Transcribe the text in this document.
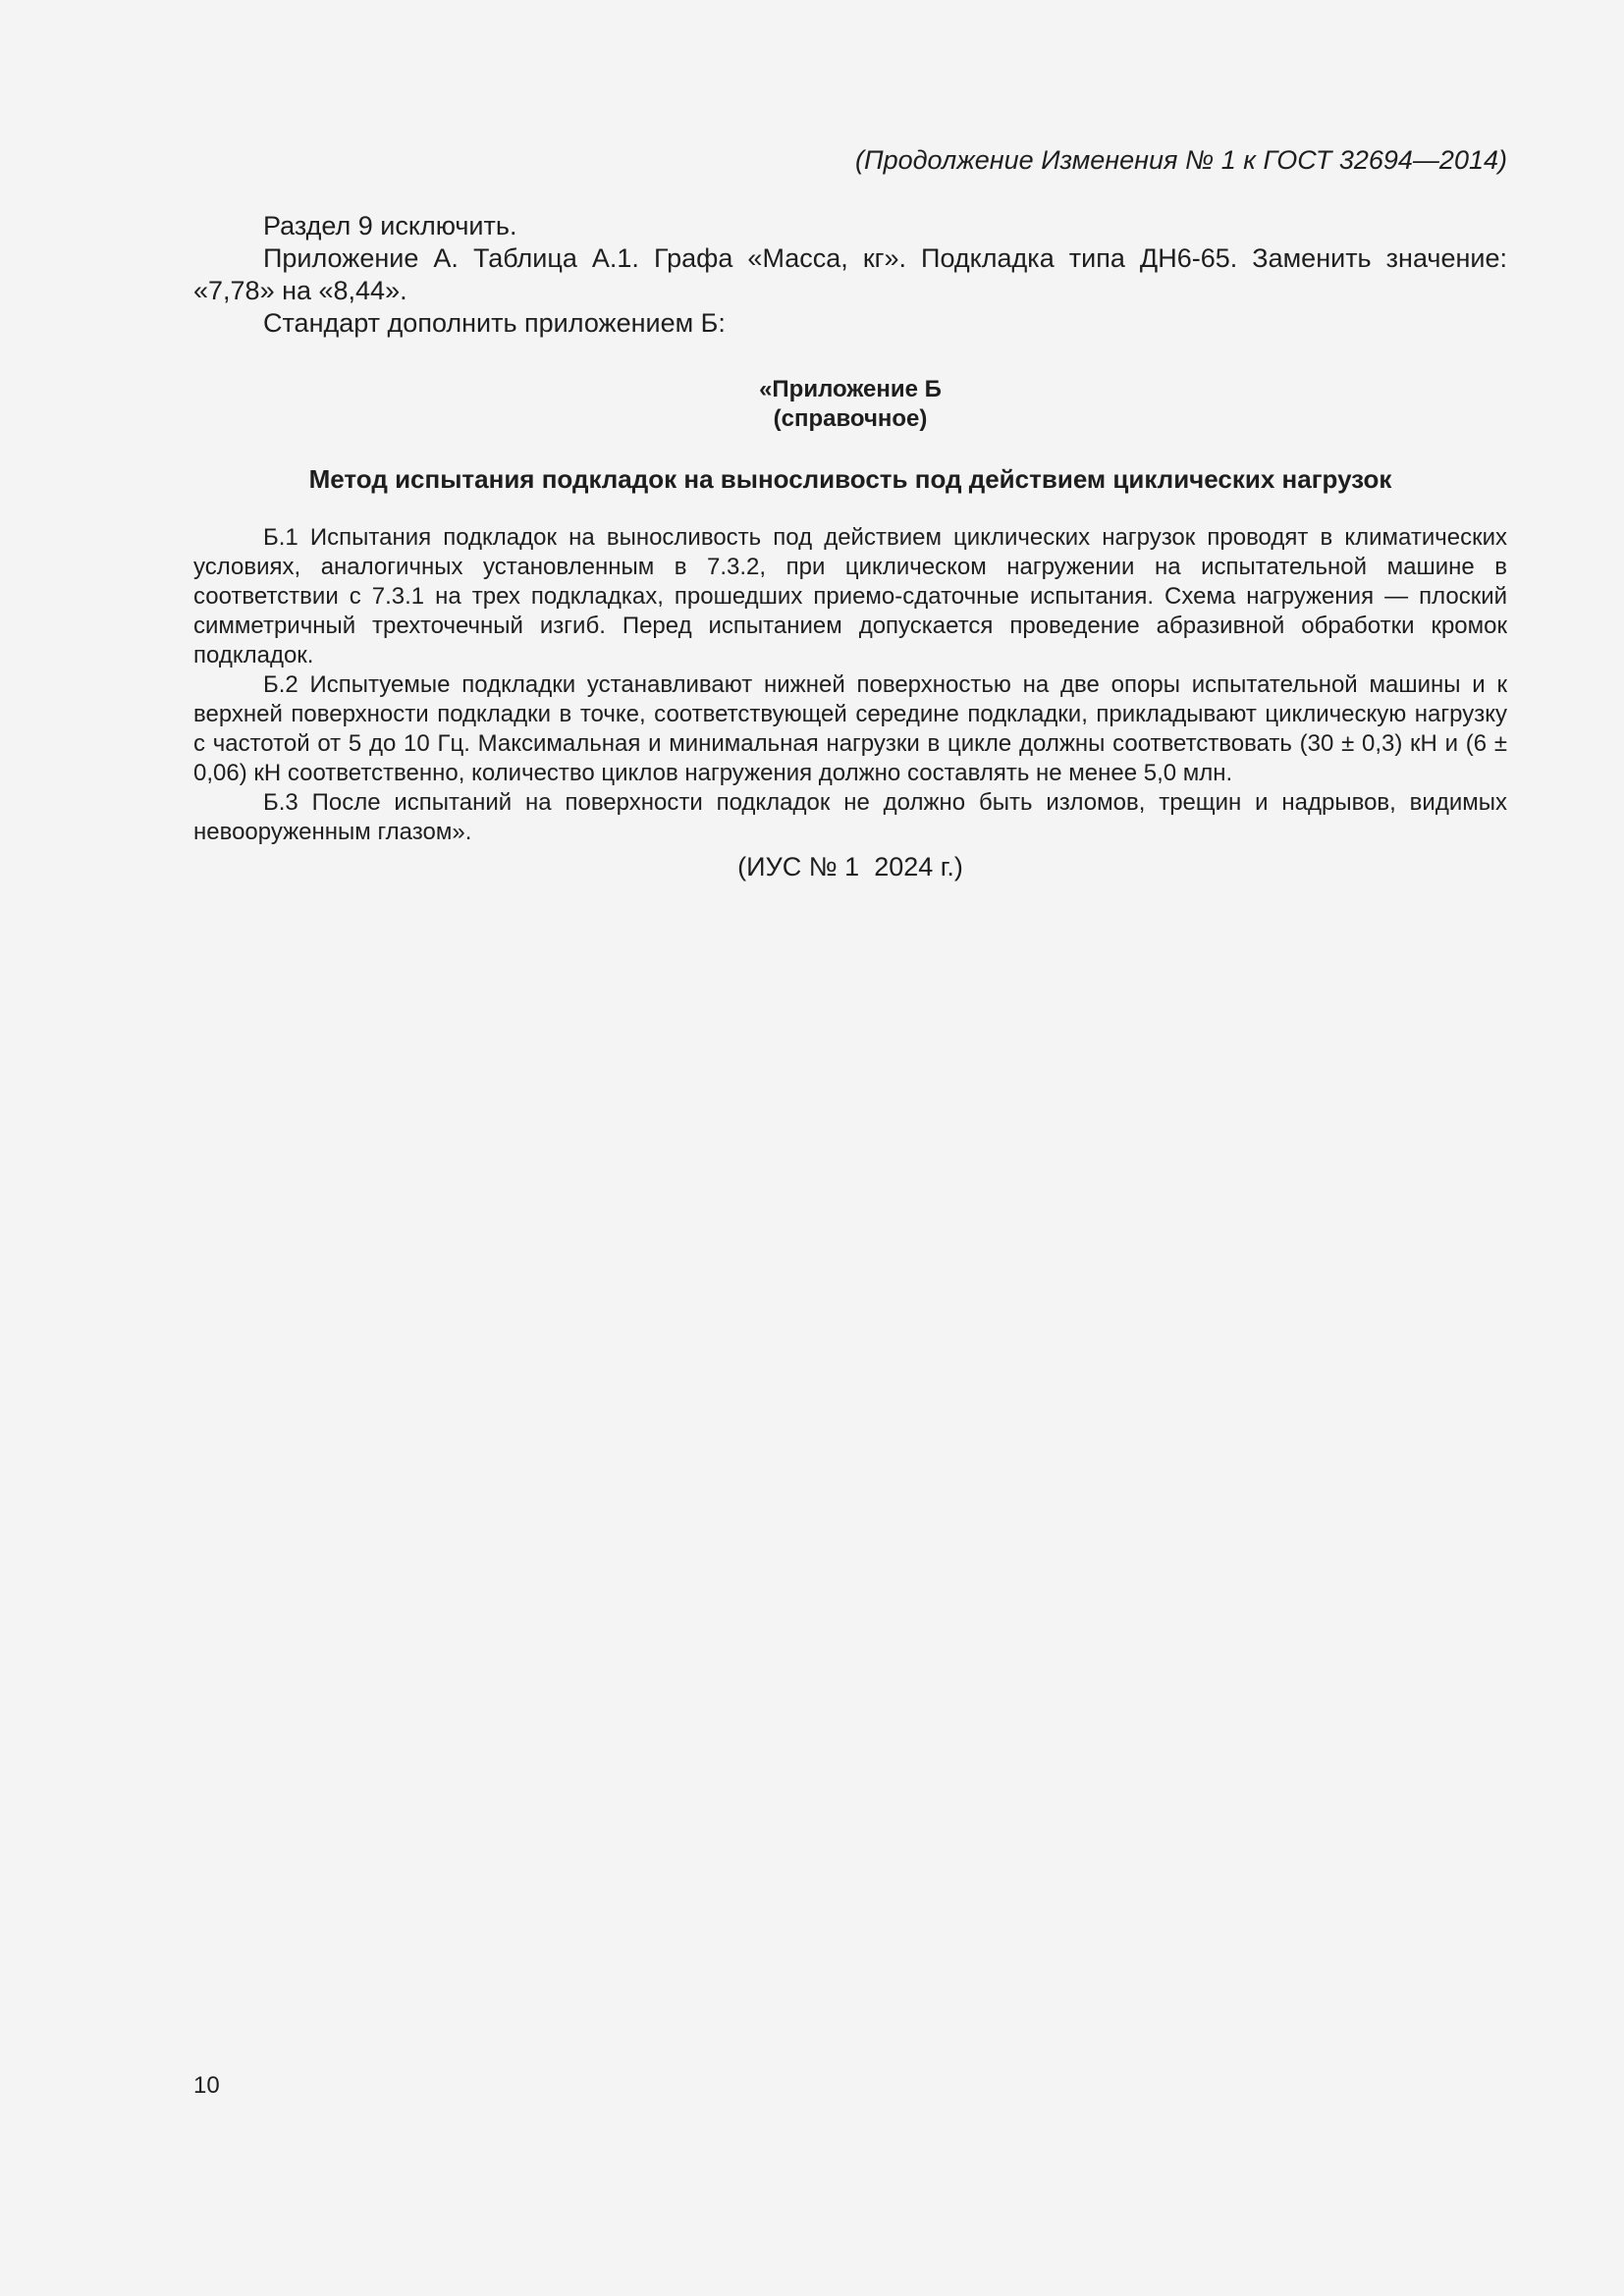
(Продолжение Изменения № 1 к ГОСТ 32694—2014)

Раздел 9 исключить.

Приложение А. Таблица А.1. Графа «Масса, кг». Подкладка типа ДН6-65. Заменить значение: «7,78» на «8,44».

Стандарт дополнить приложением Б:

«Приложение Б
(справочное)
Метод испытания подкладок на выносливость под действием циклических нагрузок

Б.1 Испытания подкладок на выносливость под действием циклических нагрузок проводят в климатических условиях, аналогичных установленным в 7.3.2, при циклическом нагружении на испытательной машине в соответствии с 7.3.1 на трех подкладках, прошедших приемо-сдаточные испытания. Схема нагружения — плоский симметричный трехточечный изгиб. Перед испытанием допускается проведение абразивной обработки кромок подкладок.

Б.2 Испытуемые подкладки устанавливают нижней поверхностью на две опоры испытательной машины и к верхней поверхности подкладки в точке, соответствующей середине подкладки, прикладывают циклическую нагрузку с частотой от 5 до 10 Гц. Максимальная и минимальная нагрузки в цикле должны соответствовать (30 ± 0,3) кН и (6 ± 0,06) кН соответственно, количество циклов нагружения должно составлять не менее 5,0 млн.

Б.3 После испытаний на поверхности подкладок не должно быть изломов, трещин и надрывов, видимых невооруженным глазом».

(ИУС № 1  2024 г.)
10
